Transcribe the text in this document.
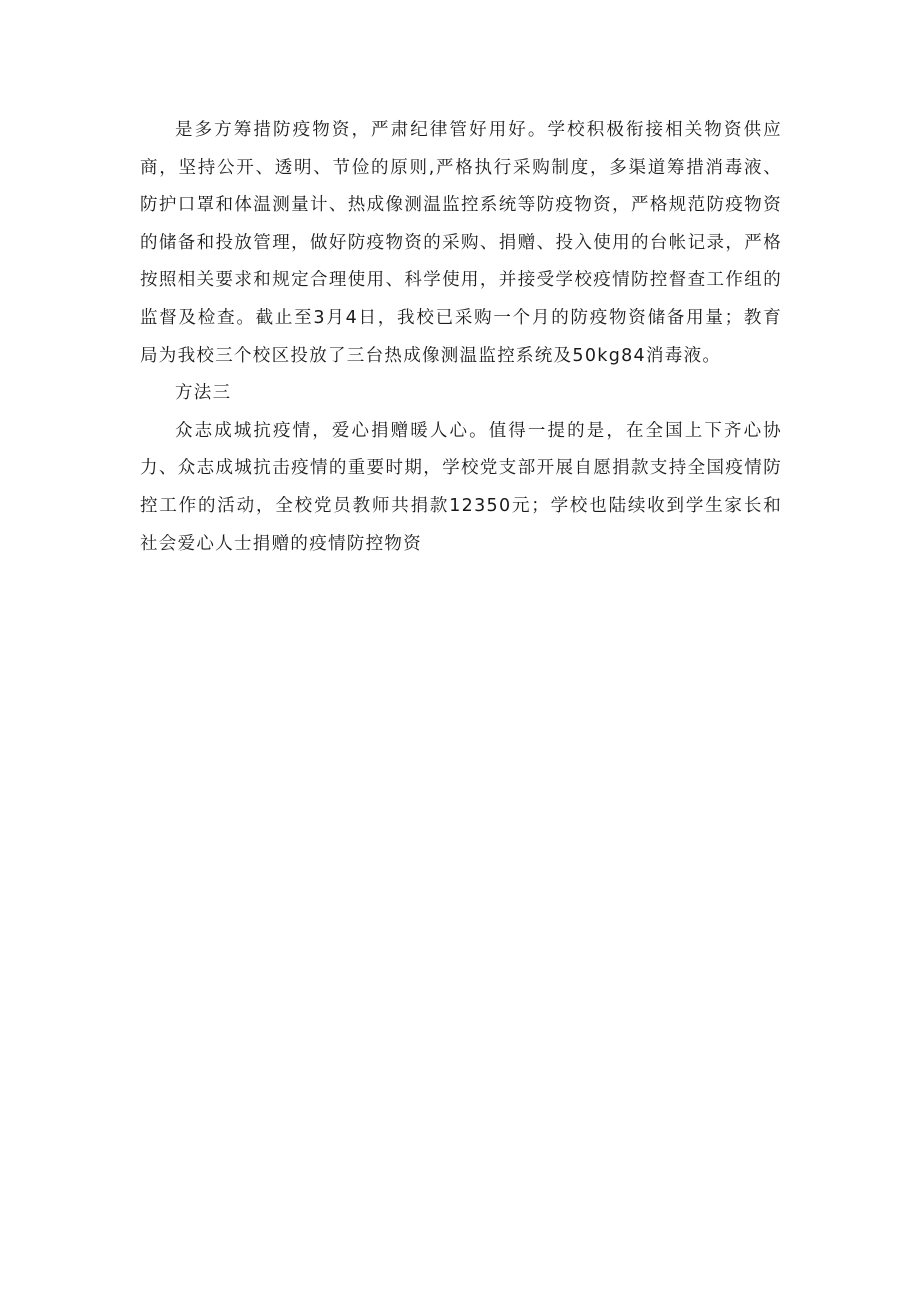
是多方筹措防疫物资，严肃纪律管好用好。学校积极衔接相关物资供应商，坚持公开、透明、节俭的原则,严格执行采购制度，多渠道筹措消毒液、防护口罩和体温测量计、热成像测温监控系统等防疫物资，严格规范防疫物资的储备和投放管理，做好防疫物资的采购、捐赠、投入使用的台帐记录，严格按照相关要求和规定合理使用、科学使用，并接受学校疫情防控督查工作组的监督及检查。截止至3月4日，我校已采购一个月的防疫物资储备用量；教育局为我校三个校区投放了三台热成像测温监控系统及50kg84消毒液。

方法三

众志成城抗疫情，爱心捐赠暖人心。值得一提的是，在全国上下齐心协力、众志成城抗击疫情的重要时期，学校党支部开展自愿捐款支持全国疫情防控工作的活动，全校党员教师共捐款12350元；学校也陆续收到学生家长和社会爱心人士捐赠的疫情防控物资
